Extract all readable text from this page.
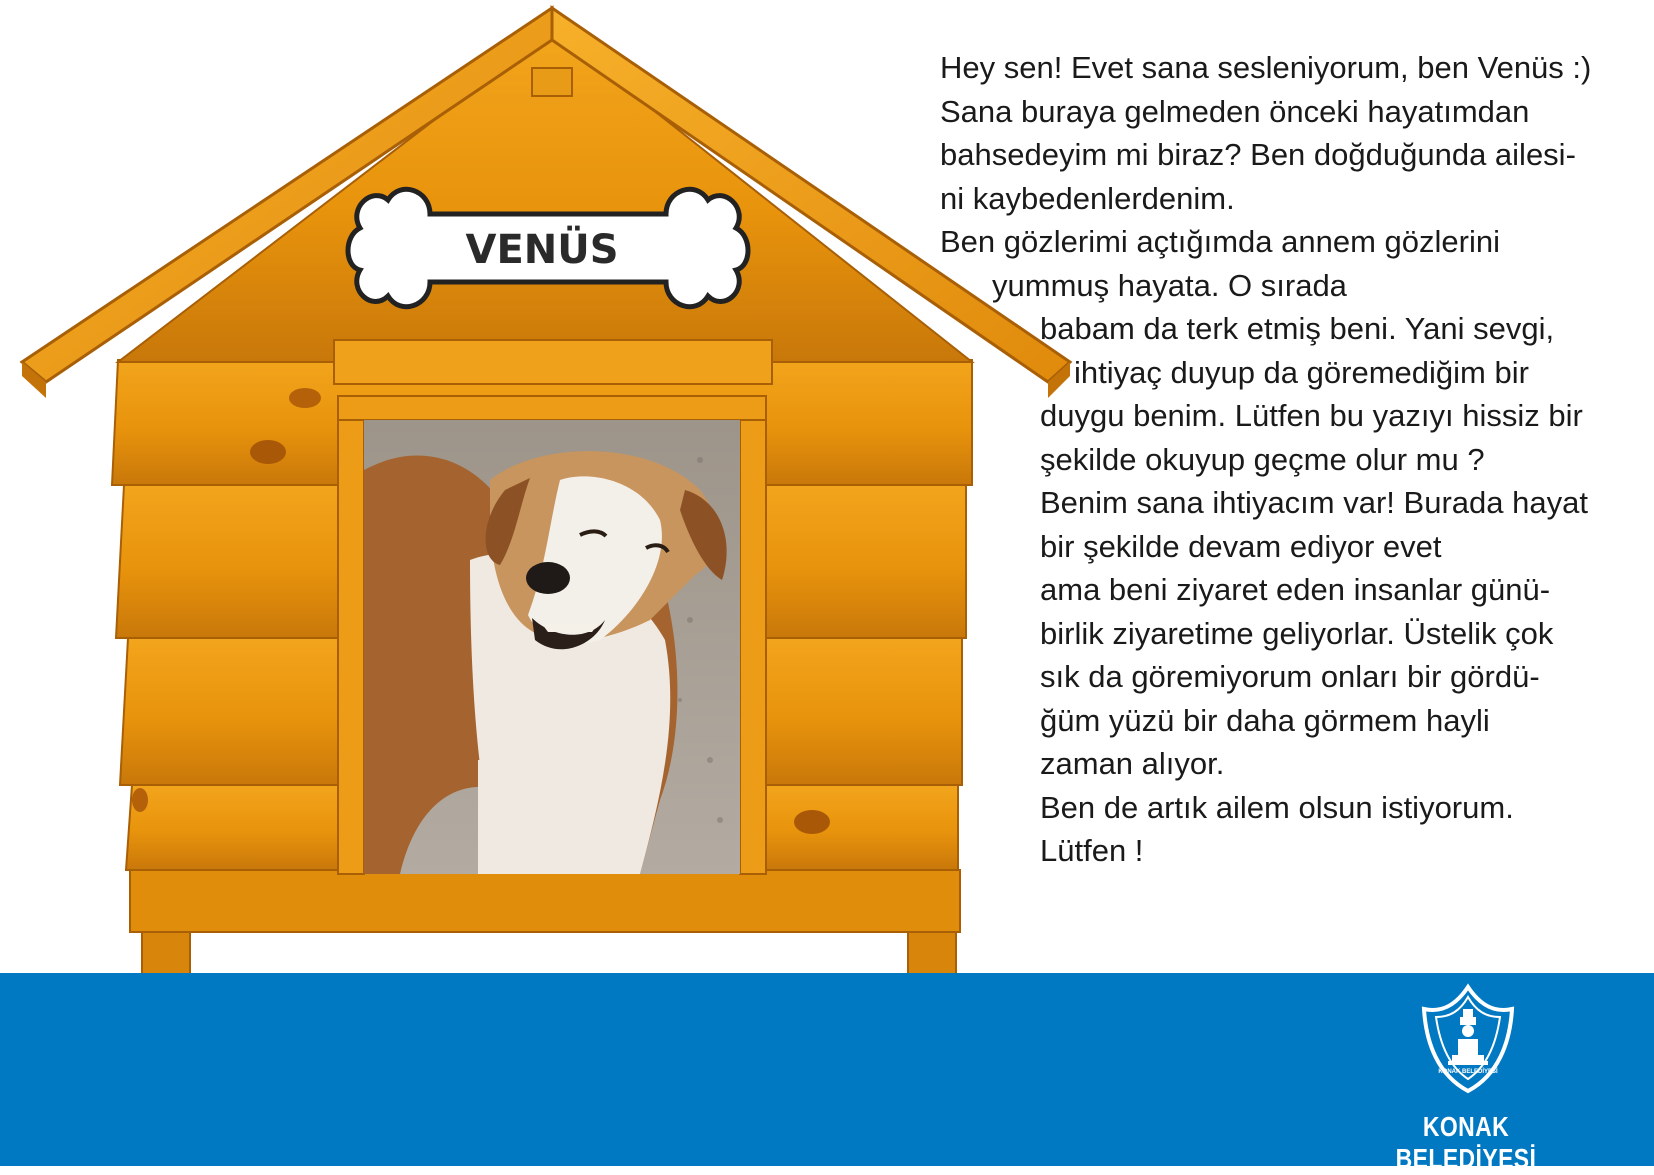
VENÜS
Hey sen! Evet sana sesleniyorum, ben Venüs :)
Sana buraya gelmeden önceki hayatımdan
bahsedeyim mi biraz? Ben doğduğunda ailesi-
ni kaybedenlerdenim.
Ben gözlerimi açtığımda annem gözlerini
yummuş hayata. O sırada
babam da terk etmiş beni. Yani sevgi,
ihtiyaç duyup da göremediğim bir
duygu benim. Lütfen bu yazıyı hissiz bir
şekilde okuyup geçme olur mu ?
Benim sana ihtiyacım var! Burada hayat
bir şekilde devam ediyor evet
ama beni ziyaret eden insanlar günü-
birlik ziyaretime geliyorlar. Üstelik çok
sık da göremiyorum onları bir gördü-
ğüm yüzü bir daha görmem hayli
zaman alıyor.
Ben de artık ailem olsun istiyorum.
Lütfen !
KONAK BELEDİYESİ
KONAK BELEDİYESİ
